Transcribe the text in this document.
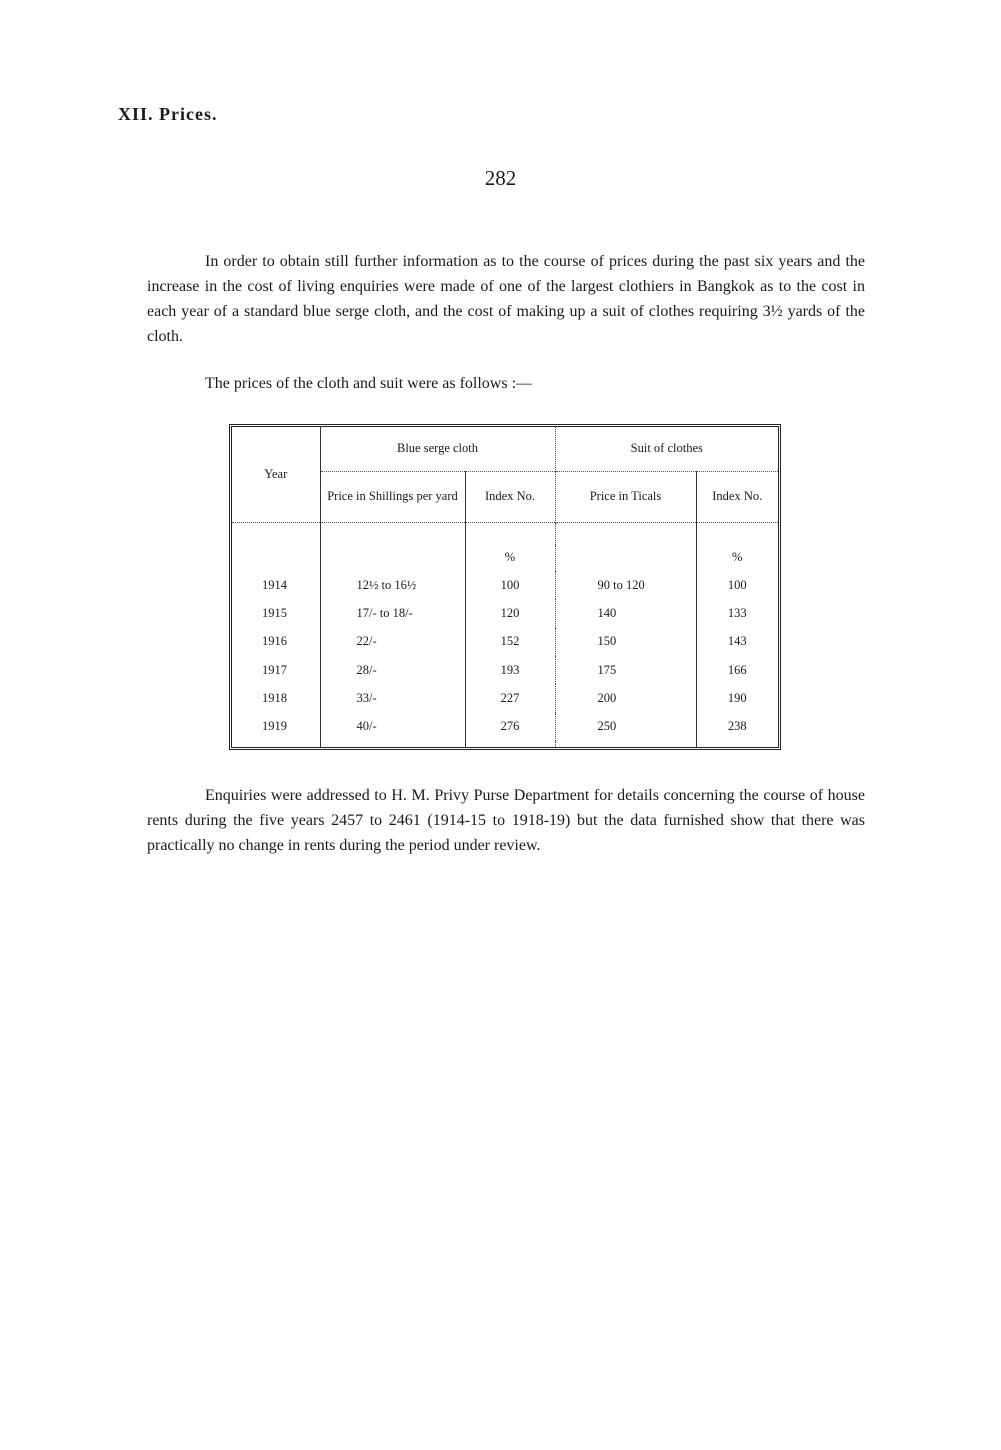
XII. Prices.
282
In order to obtain still further information as to the course of prices during the past six years and the increase in the cost of living enquiries were made of one of the largest clothiers in Bangkok as to the cost in each year of a standard blue serge cloth, and the cost of making up a suit of clothes requiring 3½ yards of the cloth.
The prices of the cloth and suit were as follows :—
Year	Blue serge cloth		Suit of clothes	
	Price in Shillings per yard	Index No.	Price in Ticals	Index No.

		%		%
1914	12½ to 16½	100	90 to 120	100
1915	17/- to 18/-	120	140	133
1916	22/-	152	150	143
1917	28/-	193	175	166
1918	33/-	227	200	190
1919	40/-	276	250	238

Enquiries were addressed to H. M. Privy Purse Department for details concerning the course of house rents during the five years 2457 to 2461 (1914-15 to 1918-19) but the data furnished show that there was practically no change in rents during the period under review.
